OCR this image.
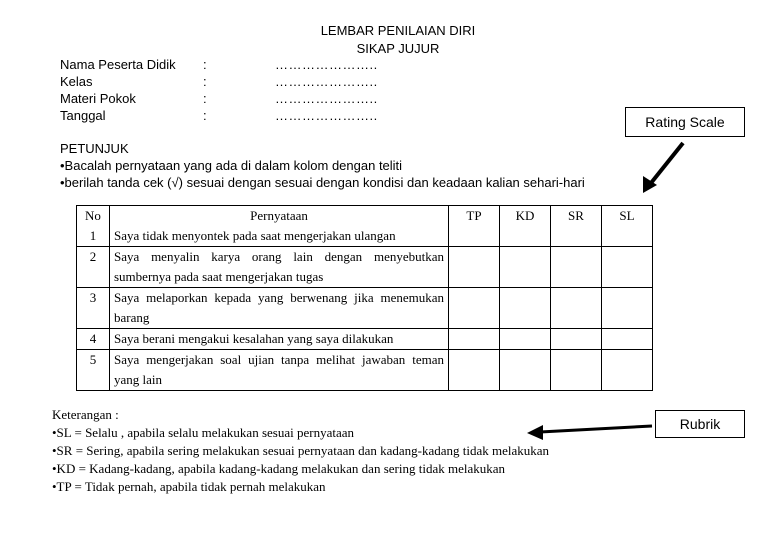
LEMBAR PENILAIAN DIRI
SIKAP JUJUR
Nama Peserta Didik :	…………………..
Kelas	:	…………………..
Materi Pokok	:	…………………..
Tanggal	:	…………………..	Rating Scale
PETUNJUK
•Bacalah pernyataan yang ada di dalam kolom dengan teliti
•berilah tanda cek (√) sesuai dengan sesuai dengan kondisi dan keadaan kalian sehari-hari
No	Pernyataan	TP	KD	SR	SL
1	Saya tidak menyontek pada saat mengerjakan ulangan				
2	Saya menyalin karya orang lain dengan menyebutkan sumbernya pada saat mengerjakan tugas				
3	Saya melaporkan kepada yang berwenang jika menemukan barang				
4	Saya berani mengakui kesalahan yang saya dilakukan				
5	Saya mengerjakan soal ujian tanpa melihat jawaban teman yang lain				
Keterangan :
•SL = Selalu , apabila selalu melakukan sesuai pernyataan
•SR = Sering, apabila sering melakukan sesuai pernyataan dan kadang-kadang tidak melakukan
•KD = Kadang-kadang, apabila kadang-kadang melakukan dan sering tidak melakukan
•TP = Tidak pernah, apabila tidak pernah melakukan
Rubrik
